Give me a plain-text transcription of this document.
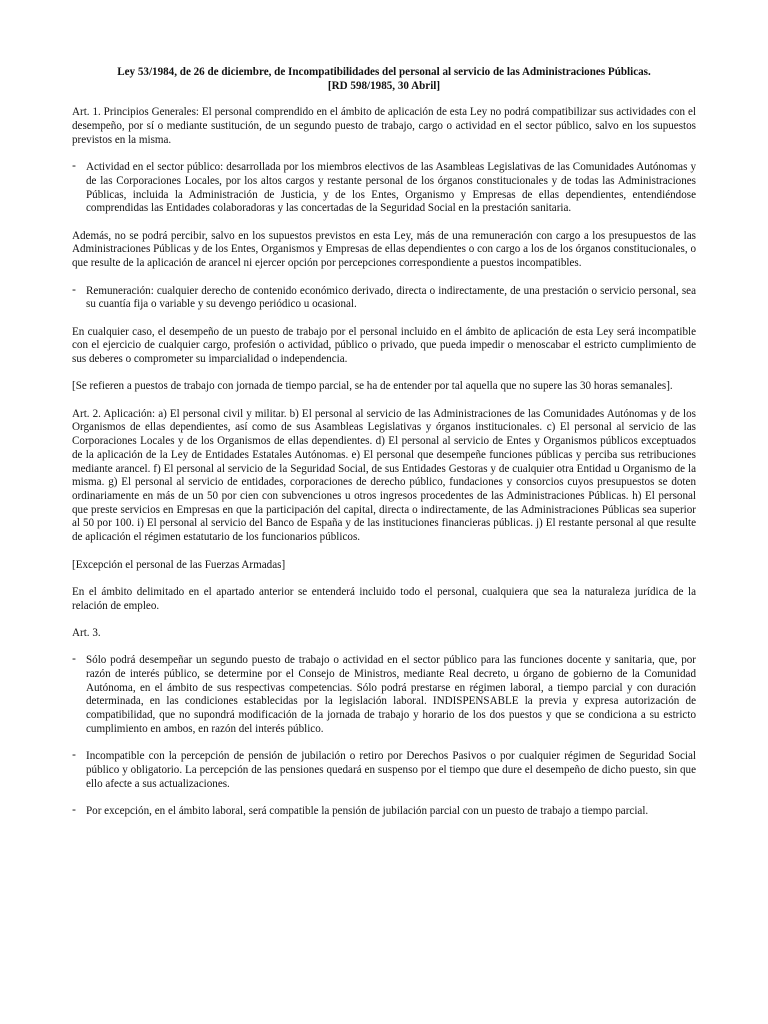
Ley 53/1984, de 26 de diciembre, de Incompatibilidades del personal al servicio de las Administraciones Públicas.
[RD 598/1985, 30 Abril]

Art. 1. Principios Generales: El personal comprendido en el ámbito de aplicación de esta Ley no podrá compatibilizar sus actividades con el desempeño, por sí o mediante sustitución, de un segundo puesto de trabajo, cargo o actividad en el sector público, salvo en los supuestos previstos en la misma.

- Actividad en el sector público: desarrollada por los miembros electivos de las Asambleas Legislativas de las Comunidades Autónomas y de las Corporaciones Locales, por los altos cargos y restante personal de los órganos constitucionales y de todas las Administraciones Públicas, incluida la Administración de Justicia, y de los Entes, Organismo y Empresas de ellas dependientes, entendiéndose comprendidas las Entidades colaboradoras y las concertadas de la Seguridad Social en la prestación sanitaria.

Además, no se podrá percibir, salvo en los supuestos previstos en esta Ley, más de una remuneración con cargo a los presupuestos de las Administraciones Públicas y de los Entes, Organismos y Empresas de ellas dependientes o con cargo a los de los órganos constitucionales, o que resulte de la aplicación de arancel ni ejercer opción por percepciones correspondiente a puestos incompatibles.

- Remuneración: cualquier derecho de contenido económico derivado, directa o indirectamente, de una prestación o servicio personal, sea su cuantía fija o variable y su devengo periódico u ocasional.

En cualquier caso, el desempeño de un puesto de trabajo por el personal incluido en el ámbito de aplicación de esta Ley será incompatible con el ejercicio de cualquier cargo, profesión o actividad, público o privado, que pueda impedir o menoscabar el estricto cumplimiento de sus deberes o comprometer su imparcialidad o independencia.

[Se refieren a puestos de trabajo con jornada de tiempo parcial, se ha de entender por tal aquella que no supere las 30 horas semanales].

Art. 2. Aplicación: a) El personal civil y militar. b) El personal al servicio de las Administraciones de las Comunidades Autónomas y de los Organismos de ellas dependientes, así como de sus Asambleas Legislativas y órganos institucionales. c) El personal al servicio de las Corporaciones Locales y de los Organismos de ellas dependientes. d) El personal al servicio de Entes y Organismos públicos exceptuados de la aplicación de la Ley de Entidades Estatales Autónomas. e) El personal que desempeñe funciones públicas y perciba sus retribuciones mediante arancel. f) El personal al servicio de la Seguridad Social, de sus Entidades Gestoras y de cualquier otra Entidad u Organismo de la misma. g) El personal al servicio de entidades, corporaciones de derecho público, fundaciones y consorcios cuyos presupuestos se doten ordinariamente en más de un 50 por cien con subvenciones u otros ingresos procedentes de las Administraciones Públicas. h) El personal que preste servicios en Empresas en que la participación del capital, directa o indirectamente, de las Administraciones Públicas sea superior al 50 por 100. i) El personal al servicio del Banco de España y de las instituciones financieras públicas. j) El restante personal al que resulte de aplicación el régimen estatutario de los funcionarios públicos.

[Excepción el personal de las Fuerzas Armadas]

En el ámbito delimitado en el apartado anterior se entenderá incluido todo el personal, cualquiera que sea la naturaleza jurídica de la relación de empleo.

Art. 3.

- Sólo podrá desempeñar un segundo puesto de trabajo o actividad en el sector público para las funciones docente y sanitaria, que, por razón de interés público, se determine por el Consejo de Ministros, mediante Real decreto, u órgano de gobierno de la Comunidad Autónoma, en el ámbito de sus respectivas competencias. Sólo podrá prestarse en régimen laboral, a tiempo parcial y con duración determinada, en las condiciones establecidas por la legislación laboral. INDISPENSABLE la previa y expresa autorización de compatibilidad, que no supondrá modificación de la jornada de trabajo y horario de los dos puestos y que se condiciona a su estricto cumplimiento en ambos, en razón del interés público.
- Incompatible con la percepción de pensión de jubilación o retiro por Derechos Pasivos o por cualquier régimen de Seguridad Social público y obligatorio. La percepción de las pensiones quedará en suspenso por el tiempo que dure el desempeño de dicho puesto, sin que ello afecte a sus actualizaciones.
- Por excepción, en el ámbito laboral, será compatible la pensión de jubilación parcial con un puesto de trabajo a tiempo parcial.
